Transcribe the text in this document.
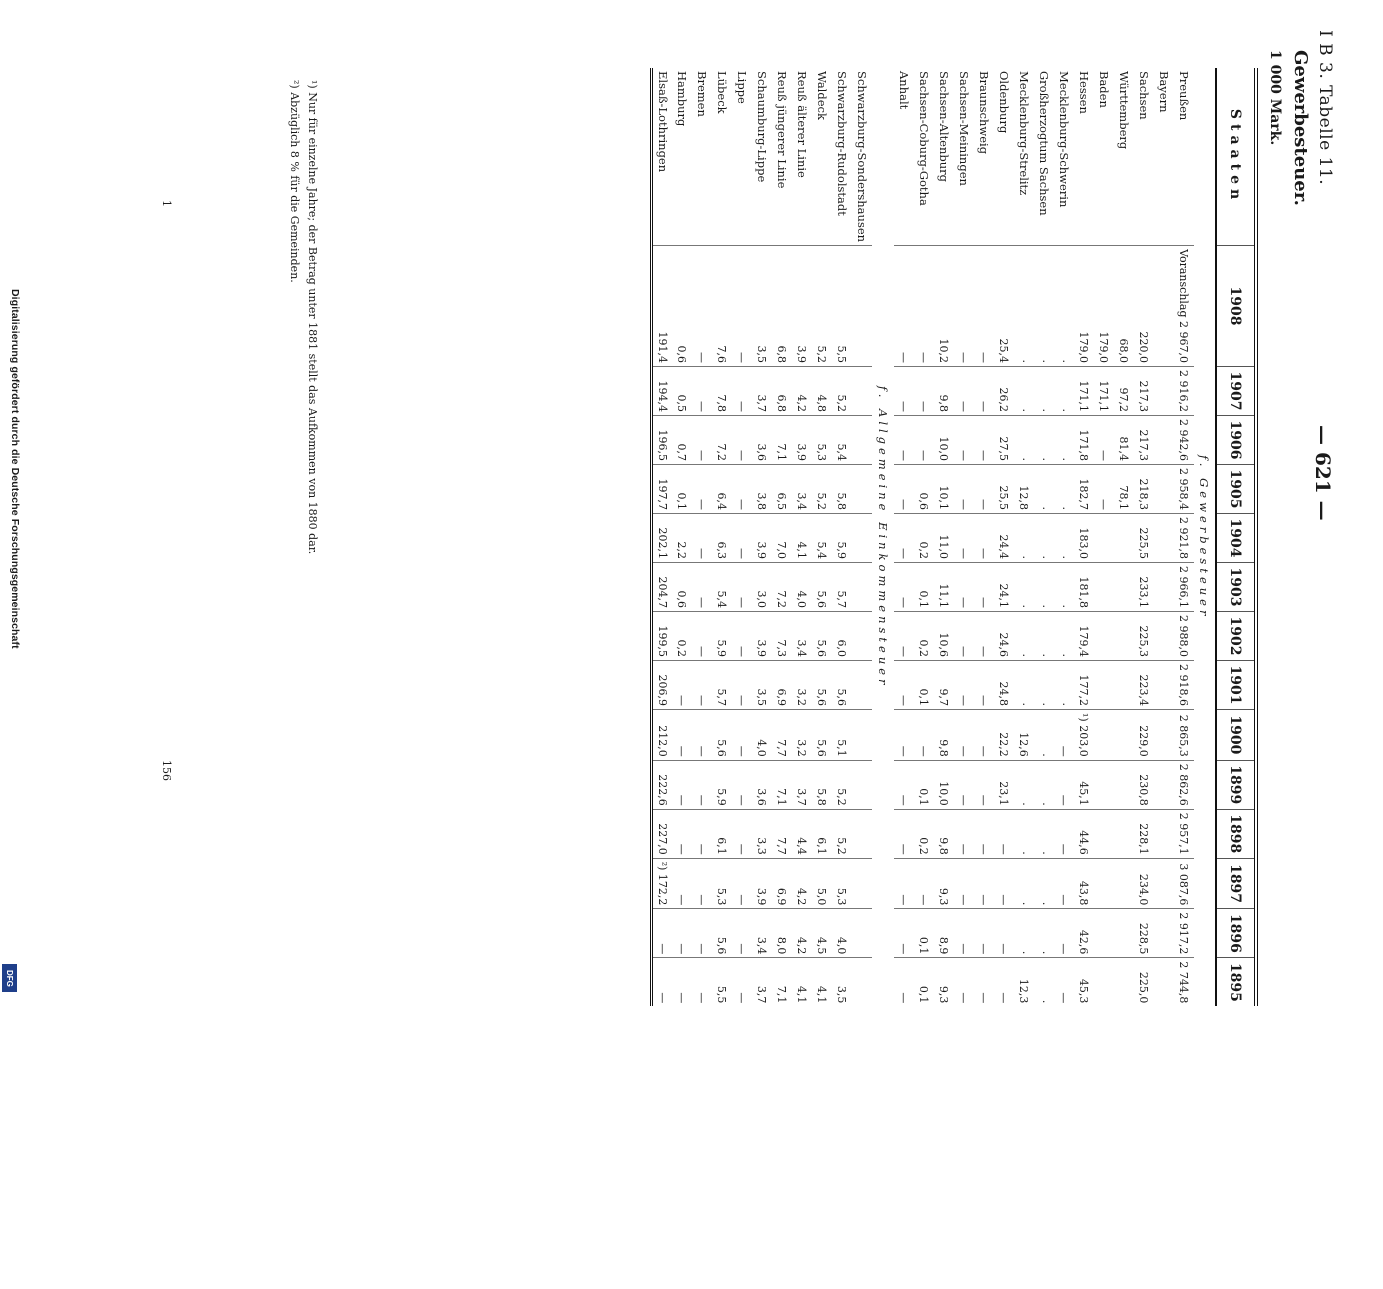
Digitalisierung gefördert durch die Deutsche Forschungsgemeinschaft
DFG
I B 3. Tabelle 11.
— 621 —
Gewerbesteuer.
1 000 Mark.
Staaten	1908	1907	1906	1905	1904	1903	1902	1901	1900	1899	1898	1897	1896	1895
f. Gewerbesteuer														
Preußen	Voranschlag 2 967,0	2 916,2	2 942,6	2 958,4	2 921,8	2 966,1	2 988,0	2 918,6	2 865,3	2 862,6	2 957,1	3 087,6	2 917,2	2 744,8
Bayern														
Sachsen	220,0	217,3	217,3	218,3	225,5	233,1	225,3	223,4	229,0	230,8	228,1	234,0	228,5	225,0
Württemberg	68,0	97,2	81,4	78,1										
Baden	179,0	171,1	—	—										
Hessen	179,0	171,1	171,8	182,7	183,0	181,8	179,4	177,2	¹) 203,0	45,1	44,6	43,8	42,6	45,3
Mecklenburg-Schwerin	·	·	·	·	·	·	·	·	—	—	—	—	—	—
Großherzogtum Sachsen	·	·	·	·	·	·	·	·	·	·	·	·	·	·
Mecklenburg-Strelitz	·	·	·	12,8	·	·	·	·	12,6	·	·	·	·	12,3
Oldenburg	25,4	26,2	27,5	25,5	24,4	24,1	24,6	24,8	22,2	23,1	—	—	—	—
Braunschweig	—	—	—	—	—	—	—	—	—	—	—	—	—	—
Sachsen-Meiningen	—	—	—	—	—	—	—	—	—	—	—	—	—	—
Sachsen-Altenburg	10,2	9,8	10,0	10,1	11,0	11,1	10,6	9,7	9,8	10,0	9,8	9,3	8,9	9,3
Sachsen-Coburg-Gotha	—	—	—	0,6	0,2	0,1	0,2	0,1	—	0,1	0,2	—	0,1	0,1
Anhalt	—	—	—	—	—	—	—	—	—	—	—	—	—	—
f. Allgemeine Einkommensteuer														
Schwarzburg-Sondershausen														
Schwarzburg-Rudolstadt	5,5	5,2	5,4	5,8	5,9	5,7	6,0	5,6	5,1	5,2	5,2	5,3	4,0	3,5
Waldeck	5,2	4,8	5,3	5,2	5,4	5,6	5,6	5,6	5,6	5,8	6,1	5,0	4,5	4,1
Reuß älterer Linie	3,9	4,2	3,9	3,4	4,1	4,0	3,4	3,2	3,2	3,7	4,4	4,2	4,2	4,1
Reuß jüngerer Linie	6,8	6,8	7,1	6,5	7,0	7,2	7,3	6,9	7,7	7,1	7,7	6,9	8,0	7,1
Schaumburg-Lippe	3,5	3,7	3,6	3,8	3,9	3,0	3,9	3,5	4,0	3,6	3,3	3,9	3,4	3,7
Lippe	—	—	—	—	—	—	—	—	—	—	—	—	—	—
Lübeck	7,6	7,8	7,2	6,4	6,3	5,4	5,9	5,7	5,6	5,9	6,1	5,3	5,6	5,5
Bremen	—	—	—	—	—	—	—	—	—	—	—	—	—	—
Hamburg	0,6	0,5	0,7	0,1	2,2	0,6	0,2	—	—	—	—	—	—	—
Elsaß-Lothringen	191,4	194,4	196,5	197,7	202,1	204,7	199,5	206,9	212,0	222,6	227,0	²) 172,2	—	—
¹) Nur für einzelne Jahre; der Betrag unter 1881 stellt das Aufkommen von 1880 dar.
²) Abzüglich 8 % für die Gemeinden.
1
156
